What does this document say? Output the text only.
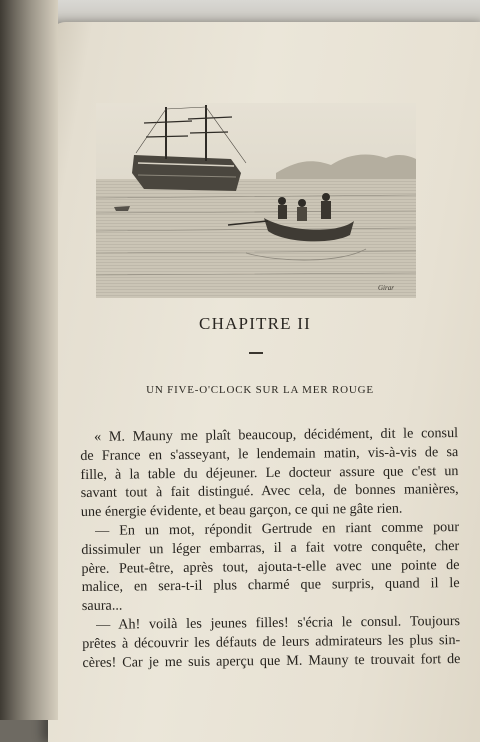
Girar
CHAPITRE II
UN FIVE-O'CLOCK SUR LA MER ROUGE
« M. Mauny me plaît beaucoup, décidément, dit le consul
de France en s'asseyant, le lendemain matin, vis-à-vis de sa
fille, à la table du déjeuner. Le docteur assure que c'est un
savant tout à fait distingué. Avec cela, de bonnes manières,
une énergie évidente, et beau garçon, ce qui ne gâte rien.
— En un mot, répondit Gertrude en riant comme pour
dissimuler un léger embarras, il a fait votre conquête, cher
père. Peut-être, après tout, ajouta-t-elle avec une pointe de
malice, en sera-t-il plus charmé que surpris, quand il le
saura...
— Ah! voilà les jeunes filles! s'écria le consul. Toujours
prêtes à découvrir les défauts de leurs admirateurs les plus sin-
cères! Car je me suis aperçu que M. Mauny te trouvait fort de
